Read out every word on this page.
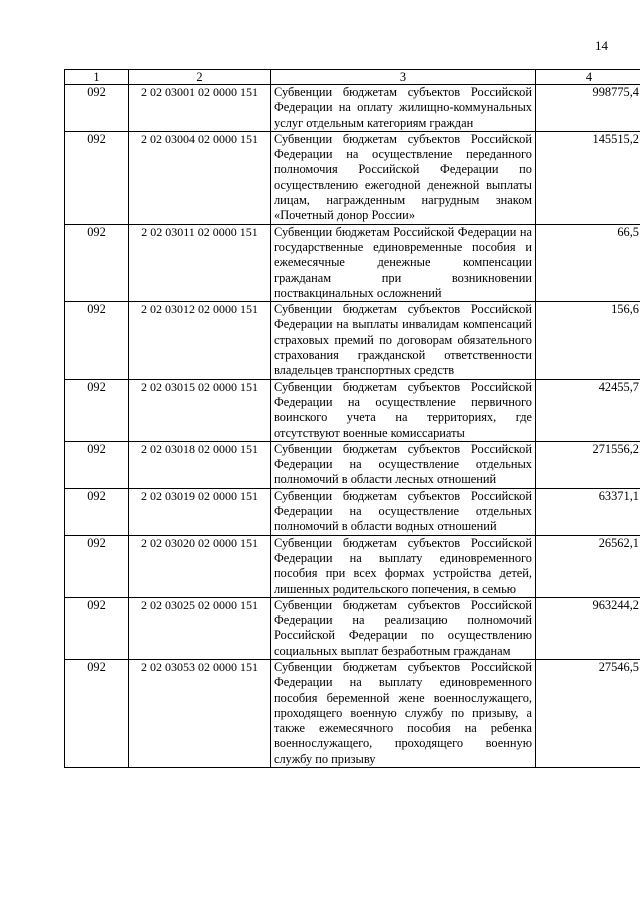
14
1	2	3	4
092	2 02 03001 02 0000 151	Субвенции бюджетам субъектов Российской Федерации на оплату жилищно-коммунальных услуг отдельным категориям граждан	998775,4
092	2 02 03004 02 0000 151	Субвенции бюджетам субъектов Российской Федерации на осуществление переданного полномочия Российской Федерации по осуществлению ежегодной денежной выплаты лицам, награжденным нагрудным знаком «Почетный донор России»	145515,2
092	2 02 03011 02 0000 151	Субвенции бюджетам Российской Федерации на государственные единовременные пособия и ежемесячные денежные компенсации гражданам при возникновении поствакцинальных осложнений	66,5
092	2 02 03012 02 0000 151	Субвенции бюджетам субъектов Российской Федерации на выплаты инвалидам компенсаций страховых премий по договорам обязательного страхования гражданской ответственности владельцев транспортных средств	156,6
092	2 02 03015 02 0000 151	Субвенции бюджетам субъектов Российской Федерации на осуществление первичного воинского учета на территориях, где отсутствуют военные комиссариаты	42455,7
092	2 02 03018 02 0000 151	Субвенции бюджетам субъектов Российской Федерации на осуществление отдельных полномочий в области лесных отношений	271556,2
092	2 02 03019 02 0000 151	Субвенции бюджетам субъектов Российской Федерации на осуществление отдельных полномочий в области водных отношений	63371,1
092	2 02 03020 02 0000 151	Субвенции бюджетам субъектов Российской Федерации на выплату единовременного пособия при всех формах устройства детей, лишенных родительского попечения, в семью	26562,1
092	2 02 03025 02 0000 151	Субвенции бюджетам субъектов Российской Федерации на реализацию полномочий Российской Федерации по осуществлению социальных выплат безработным гражданам	963244,2
092	2 02 03053 02 0000 151	Субвенции бюджетам субъектов Российской Федерации на выплату единовременного пособия беременной жене военнослужащего, проходящего военную службу по призыву, а также ежемесячного пособия на ребенка военнослужащего, проходящего военную службу по призыву	27546,5
